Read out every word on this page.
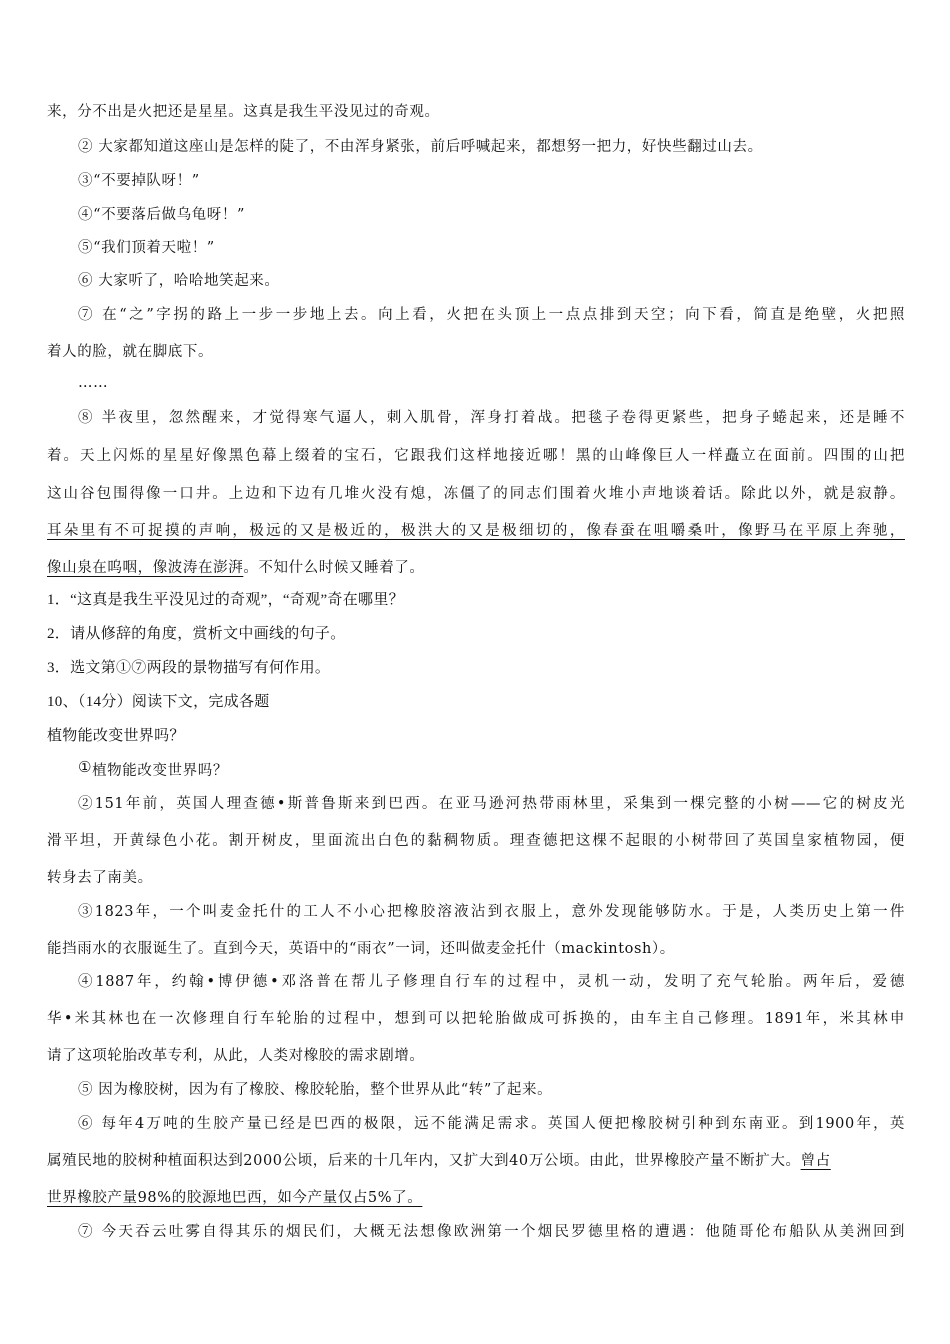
来，分不出是火把还是星星。这真是我生平没见过的奇观。
② 大家都知道这座山是怎样的陡了，不由浑身紧张，前后呼喊起来，都想努一把力，好快些翻过山去。
③“不要掉队呀！”
④“不要落后做乌龟呀！”
⑤“我们顶着天啦！”
⑥ 大家听了，哈哈地笑起来。
⑦ 在“之”字拐的路上一步一步地上去。向上看，火把在头顶上一点点排到天空；向下看，简直是绝壁，火把照
着人的脸，就在脚底下。
……
⑧ 半夜里，忽然醒来，才觉得寒气逼人，刺入肌骨，浑身打着战。把毯子卷得更紧些，把身子蜷起来，还是睡不
着。天上闪烁的星星好像黑色幕上缀着的宝石，它跟我们这样地接近哪！黑的山峰像巨人一样矗立在面前。四围的山把
这山谷包围得像一口井。上边和下边有几堆火没有熄，冻僵了的同志们围着火堆小声地谈着话。除此以外，就是寂静。
耳朵里有不可捉摸的声响，极远的又是极近的，极洪大的又是极细切的，像春蚕在咀嚼桑叶，像野马在平原上奔驰，
像山泉在呜咽，像波涛在澎湃。不知什么时候又睡着了。
1．“这真是我生平没见过的奇观”，“奇观”奇在哪里？
2．请从修辞的角度，赏析文中画线的句子。
3．选文第①⑦两段的景物描写有何作用。
10、（14分）阅读下文，完成各题
植物能改变世界吗？
①植物能改变世界吗？
②151年前，英国人理查德•斯普鲁斯来到巴西。在亚马逊河热带雨林里，采集到一棵完整的小树——它的树皮光
滑平坦，开黄绿色小花。割开树皮，里面流出白色的黏稠物质。理查德把这棵不起眼的小树带回了英国皇家植物园，便
转身去了南美。
③1823年，一个叫麦金托什的工人不小心把橡胶溶液沾到衣服上，意外发现能够防水。于是，人类历史上第一件
能挡雨水的衣服诞生了。直到今天，英语中的“雨衣”一词，还叫做麦金托什（mackintosh）。
④1887年，约翰•博伊德•邓洛普在帮儿子修理自行车的过程中，灵机一动，发明了充气轮胎。两年后，爱德
华•米其林也在一次修理自行车轮胎的过程中，想到可以把轮胎做成可拆换的，由车主自己修理。1891年，米其林申
请了这项轮胎改革专利，从此，人类对橡胶的需求剧增。
⑤ 因为橡胶树，因为有了橡胶、橡胶轮胎，整个世界从此“转”了起来。
⑥ 每年4万吨的生胶产量已经是巴西的极限，远不能满足需求。英国人便把橡胶树引种到东南亚。到1900年，英
属殖民地的胶树种植面积达到2000公顷，后来的十几年内，又扩大到40万公顷。由此，世界橡胶产量不断扩大。曾占
世界橡胶产量98%的胶源地巴西，如今产量仅占5%了。
⑦ 今天吞云吐雾自得其乐的烟民们，大概无法想像欧洲第一个烟民罗德里格的遭遇：他随哥伦布船队从美洲回到
